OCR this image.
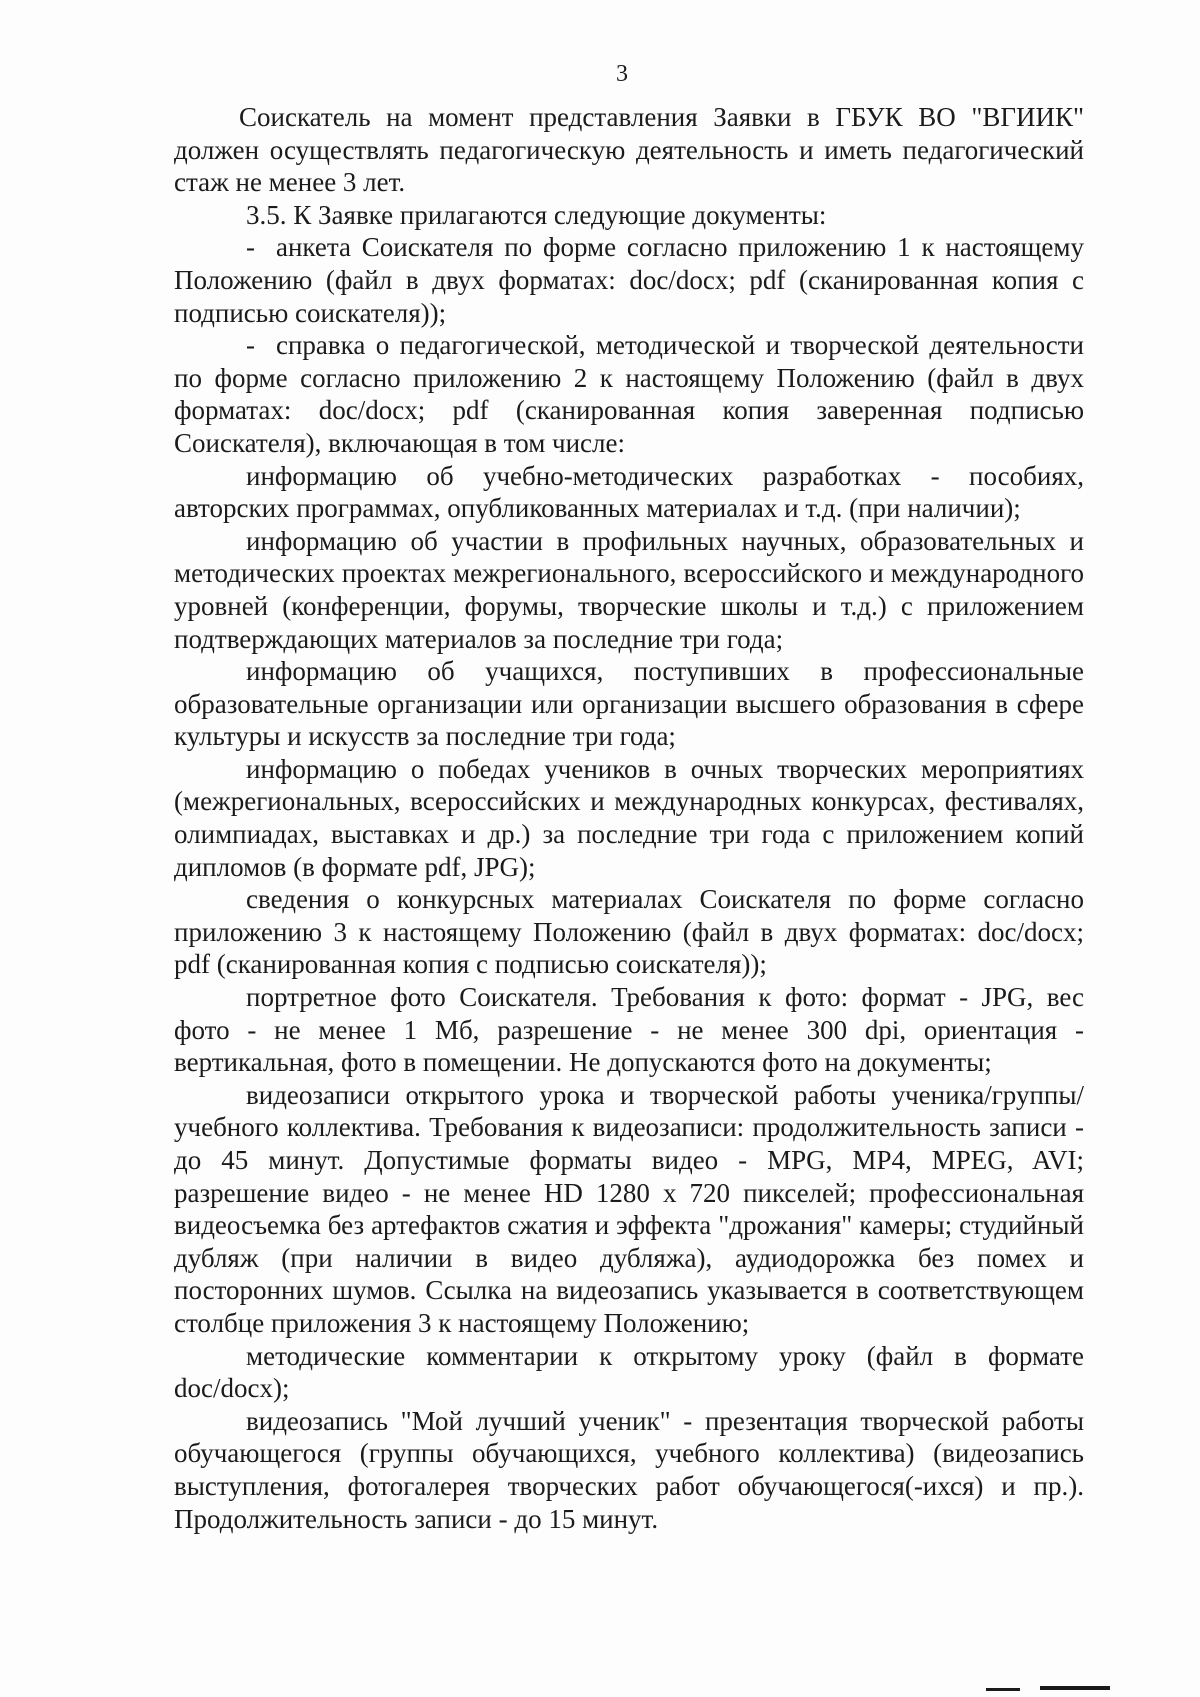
3

Соискатель на момент представления Заявки в ГБУК ВО "ВГИИК" должен осуществлять педагогическую деятельность и иметь педагогический стаж не менее 3 лет.

3.5. К Заявке прилагаются следующие документы:

- анкета Соискателя по форме согласно приложению 1 к настоящему Положению (файл в двух форматах: doc/docx; pdf (сканированная копия с подписью соискателя));

- справка о педагогической, методической и творческой деятельности по форме согласно приложению 2 к настоящему Положению (файл в двух форматах: doc/docx; pdf (сканированная копия заверенная подписью Соискателя), включающая в том числе:

информацию об учебно-методических разработках - пособиях, авторских программах, опубликованных материалах и т.д. (при наличии);

информацию об участии в профильных научных, образовательных и методических проектах межрегионального, всероссийского и международного уровней (конференции, форумы, творческие школы и т.д.) с приложением подтверждающих материалов за последние три года;

информацию об учащихся, поступивших в профессиональные образовательные организации или организации высшего образования в сфере культуры и искусств за последние три года;

информацию о победах учеников в очных творческих мероприятиях (межрегиональных, всероссийских и международных конкурсах, фестивалях, олимпиадах, выставках и др.) за последние три года с приложением копий дипломов (в формате pdf, JPG);

сведения о конкурсных материалах Соискателя по форме согласно приложению 3 к настоящему Положению (файл в двух форматах: doc/docx; pdf (сканированная копия с подписью соискателя));

портретное фото Соискателя. Требования к фото: формат - JPG, вес фото - не менее 1 Мб, разрешение - не менее 300 dpi, ориентация - вертикальная, фото в помещении. Не допускаются фото на документы;

видеозаписи открытого урока и творческой работы ученика/группы/учебного коллектива. Требования к видеозаписи: продолжительность записи - до 45 минут. Допустимые форматы видео - MPG, MP4, MPEG, AVI; разрешение видео - не менее HD 1280 x 720 пикселей; профессиональная видеосъемка без артефактов сжатия и эффекта "дрожания" камеры; студийный дубляж (при наличии в видео дубляжа), аудиодорожка без помех и посторонних шумов. Ссылка на видеозапись указывается в соответствующем столбце приложения 3 к настоящему Положению;

методические комментарии к открытому уроку (файл в формате doc/docx);

видеозапись "Мой лучший ученик" - презентация творческой работы обучающегося (группы обучающихся, учебного коллектива) (видеозапись выступления, фотогалерея творческих работ обучающегося(-ихся) и пр.). Продолжительность записи - до 15 минут.
